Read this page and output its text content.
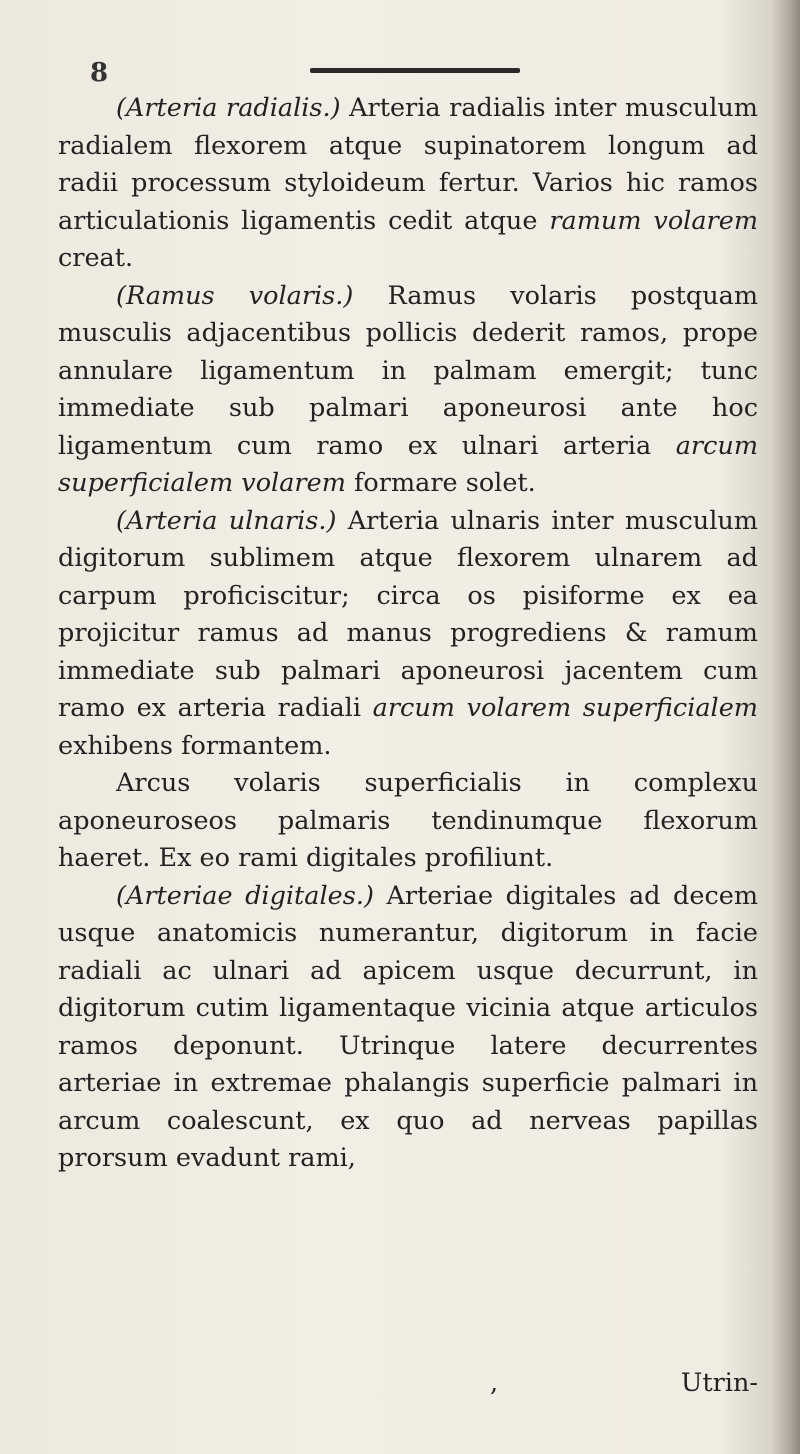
8

(Arteria radialis.) Arteria radialis inter musculum radialem flexorem atque supinatorem longum ad radii processum styloideum fertur. Varios hic ramos articulationis ligamentis cedit atque ramum volarem creat.

(Ramus volaris.) Ramus volaris postquam musculis adjacentibus pollicis dederit ramos, prope annulare ligamentum in palmam emergit; tunc immediate sub palmari aponeurosi ante hoc ligamentum cum ramo ex ulnari arteria arcum superficialem volarem formare solet.

(Arteria ulnaris.) Arteria ulnaris inter musculum digitorum sublimem atque flexorem ulnarem ad carpum proficiscitur; circa os pisiforme ex ea projicitur ramus ad manus progrediens & ramum immediate sub palmari aponeurosi jacentem cum ramo ex arteria radiali arcum volarem superficialem exhibens formantem.

Arcus volaris superficialis in complexu aponeuroseos palmaris tendinumque flexorum haeret. Ex eo rami digitales profiliunt.

(Arteriae digitales.) Arteriae digitales ad decem usque anatomicis numerantur, digitorum in facie radiali ac ulnari ad apicem usque decurrunt, in digitorum cutim ligamentaque vicinia atque articulos ramos deponunt. Utrinque latere decurrentes arteriae in extremae phalangis superficie palmari in arcum coalescunt, ex quo ad nerveas papillas prorsum evadunt rami,

,	Utrin-
